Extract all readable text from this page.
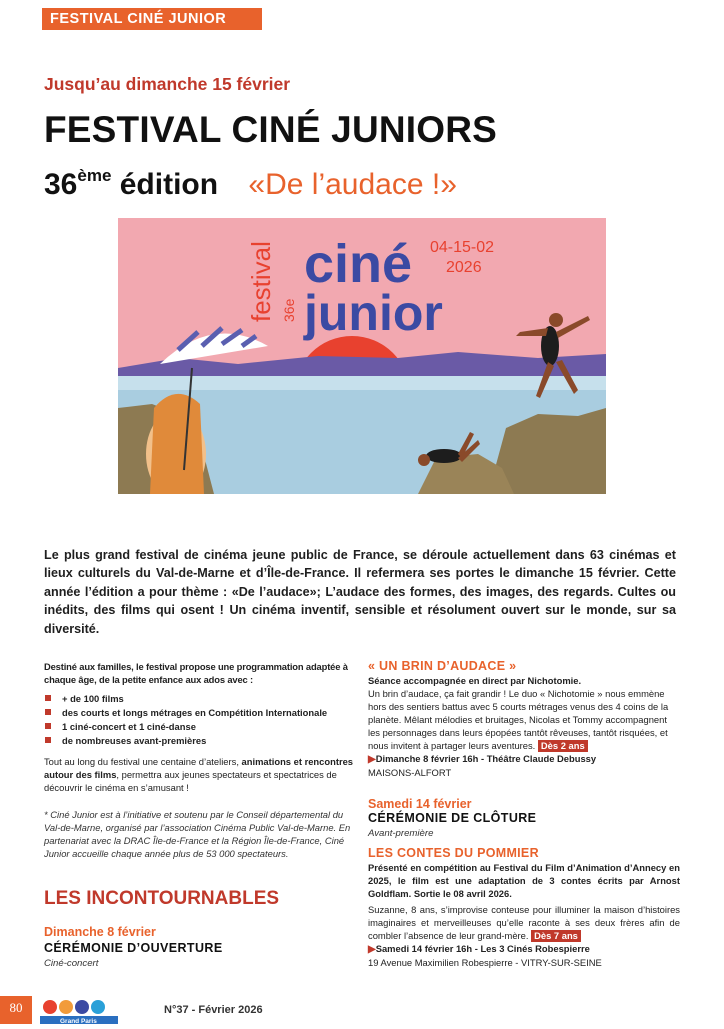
FESTIVAL CINÉ JUNIOR
Jusqu’au dimanche 15 février
FESTIVAL CINÉ JUNIORS
36ème édition «De l’audace !»
festival 36e
ciné
junior
04-15-02
2026
Le plus grand festival de cinéma jeune public de France, se déroule actuellement dans 63 cinémas et lieux culturels du Val-de-Marne et d’Île-de-France. Il refermera ses portes le dimanche 15 février. Cette année l’édition a pour thème : «De l’audace»; L’audace des formes, des images, des regards. Cultes ou inédits, des films qui osent ! Un cinéma inventif, sensible et résolument ouvert sur le monde, sur sa diversité.

Destiné aux familles, le festival propose une programmation adaptée à chaque âge, de la petite enfance aux ados avec :

+ de 100 films
des courts et longs métrages en Compétition Internationale
1 ciné-concert et 1 ciné-danse
de nombreuses avant-premières

Tout au long du festival une centaine d’ateliers, animations et rencontres autour des films, permettra aux jeunes spectateurs et spectatrices de découvrir le cinéma en s’amusant !

* Ciné Junior est à l’initiative et soutenu par le Conseil départemental du Val-de-Marne, organisé par l’association Cinéma Public Val-de-Marne. En partenariat avec la DRAC Île-de-France et la Région Île-de-France, Ciné Junior accueille chaque année plus de 53 000 spectateurs.

LES INCONTOURNABLES
Dimanche 8 février
CÉRÉMONIE D’OUVERTURE
Ciné-concert
« UN BRIN D’AUDACE »

Séance accompagnée en direct par Nichotomie.

Un brin d’audace, ça fait grandir ! Le duo « Nichotomie » nous emmène hors des sentiers battus avec 5 courts métrages venus des 4 coins de la planète. Mêlant mélodies et bruitages, Nicolas et Tommy accompagnent les personnages dans leurs épopées tantôt rêveuses, tantôt risquées, et nous invitent à partager leurs aventures. Dès 2 ans

▶Dimanche 8 février 16h - Théâtre Claude Debussy

MAISONS-ALFORT

Samedi 14 février
CÉRÉMONIE DE CLÔTURE
Avant-première
LES CONTES DU POMMIER

Présenté en compétition au Festival du Film d’Animation d’Annecy en 2025, le film est une adaptation de 3 contes écrits par Arnost Goldflam. Sortie le 08 avril 2026.

Suzanne, 8 ans, s’improvise conteuse pour illuminer la maison d’histoires imaginaires et merveilleuses qu’elle raconte à ses deux frères afin de combler l’absence de leur grand-mère. Dès 7 ans

▶Samedi 14 février 16h - Les 3 Cinés Robespierre

19 Avenue Maximilien Robespierre - VITRY-SUR-SEINE

80
Grand Paris
N°37 - Février 2026
